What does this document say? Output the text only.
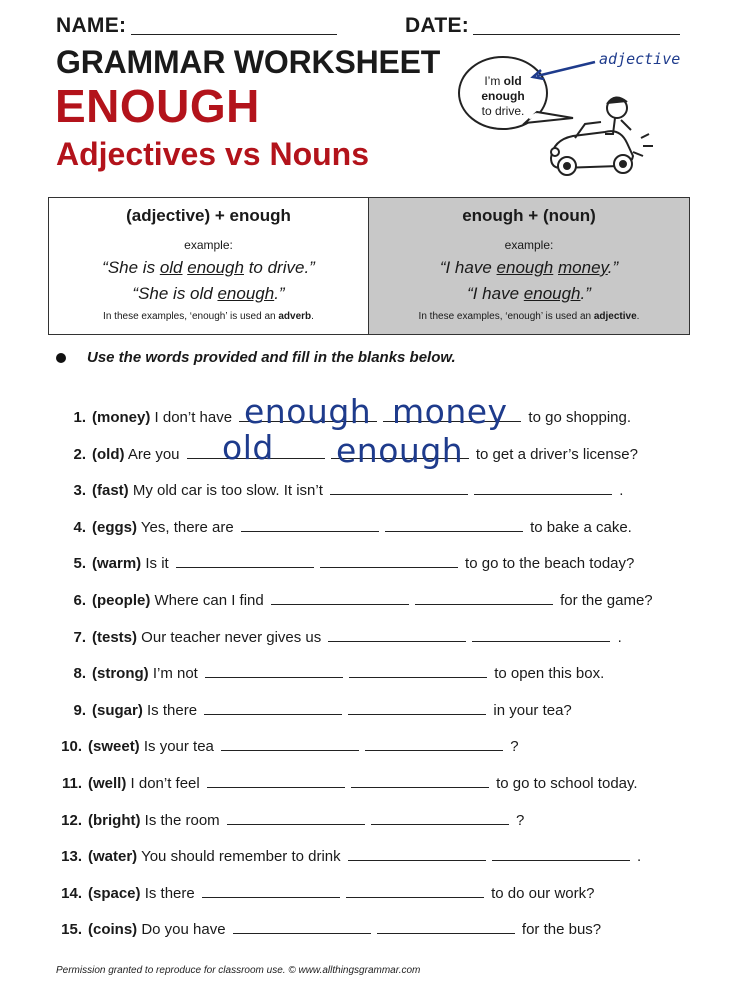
NAME:	DATE:
GRAMMAR WORKSHEET
ENOUGH
Adjectives vs Nouns
adjective
I’m old
enough
to drive.
(adjective) + enough
example:
“She is old enough to drive.”
“She is old enough.”
In these examples, ‘enough’ is used an adverb.
enough + (noun)
example:
“I have enough money.”
“I have enough.”
In these examples, ‘enough’ is used an adjective.
Use the words provided and fill in the blanks below.
1. (money) I don’t have	to go shopping.
2. (old) Are you	to get a driver’s license?
3. (fast) My old car is too slow. It isn’t	.
4. (eggs) Yes, there are	to bake a cake.
5. (warm) Is it	to go to the beach today?
6. (people) Where can I find	for the game?
7. (tests) Our teacher never gives us	.
8. (strong) I’m not	to open this box.
9. (sugar) Is there	in your tea?
10. (sweet) Is your tea	?
11. (well) I don’t feel	to go to school today.
12. (bright) Is the room	?
13. (water) You should remember to drink	.
14. (space) Is there	to do our work?
15. (coins) Do you have	for the bus?
enough money
old enough
Permission granted to reproduce for classroom use. © www.allthingsgrammar.com
